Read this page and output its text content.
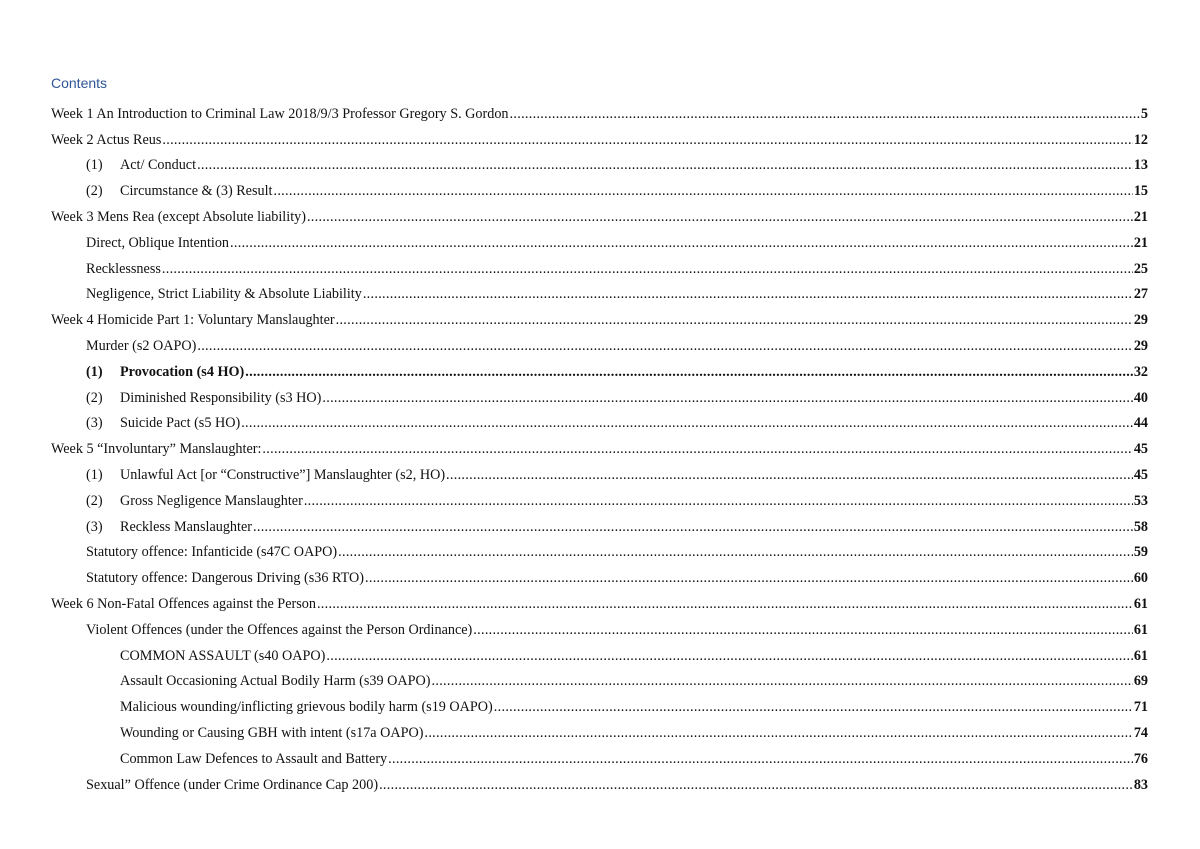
Contents
Week 1 An Introduction to Criminal Law 2018/9/3 Professor Gregory S. Gordon .....	5
Week 2 Actus Reus .....	12
(1)	Act/ Conduct .....	13
(2)	Circumstance & (3) Result .....	15
Week 3 Mens Rea (except Absolute liability) .....	21
Direct, Oblique Intention .....	21
Recklessness .....	25
Negligence, Strict Liability & Absolute Liability .....	27
Week 4 Homicide Part 1: Voluntary Manslaughter .....	29
Murder (s2 OAPO) .....	29
(1)	Provocation (s4 HO) .....	32
(2)	Diminished Responsibility (s3 HO) .....	40
(3)	Suicide Pact (s5 HO) .....	44
Week 5 “Involuntary” Manslaughter: .....	45
(1)	Unlawful Act [or “Constructive”] Manslaughter (s2, HO) .....	45
(2)	Gross Negligence Manslaughter .....	53
(3)	Reckless Manslaughter .....	58
Statutory offence: Infanticide (s47C OAPO) .....	59
Statutory offence: Dangerous Driving (s36 RTO) .....	60
Week 6 Non-Fatal Offences against the Person .....	61
Violent Offences (under the Offences against the Person Ordinance) .....	61
COMMON ASSAULT (s40 OAPO) .....	61
Assault Occasioning Actual Bodily Harm (s39 OAPO) .....	69
Malicious wounding/inflicting grievous bodily harm (s19 OAPO) .....	71
Wounding or Causing GBH with intent (s17a OAPO) .....	74
Common Law Defences to Assault and Battery .....	76
Sexual” Offence (under Crime Ordinance Cap 200) .....	83
